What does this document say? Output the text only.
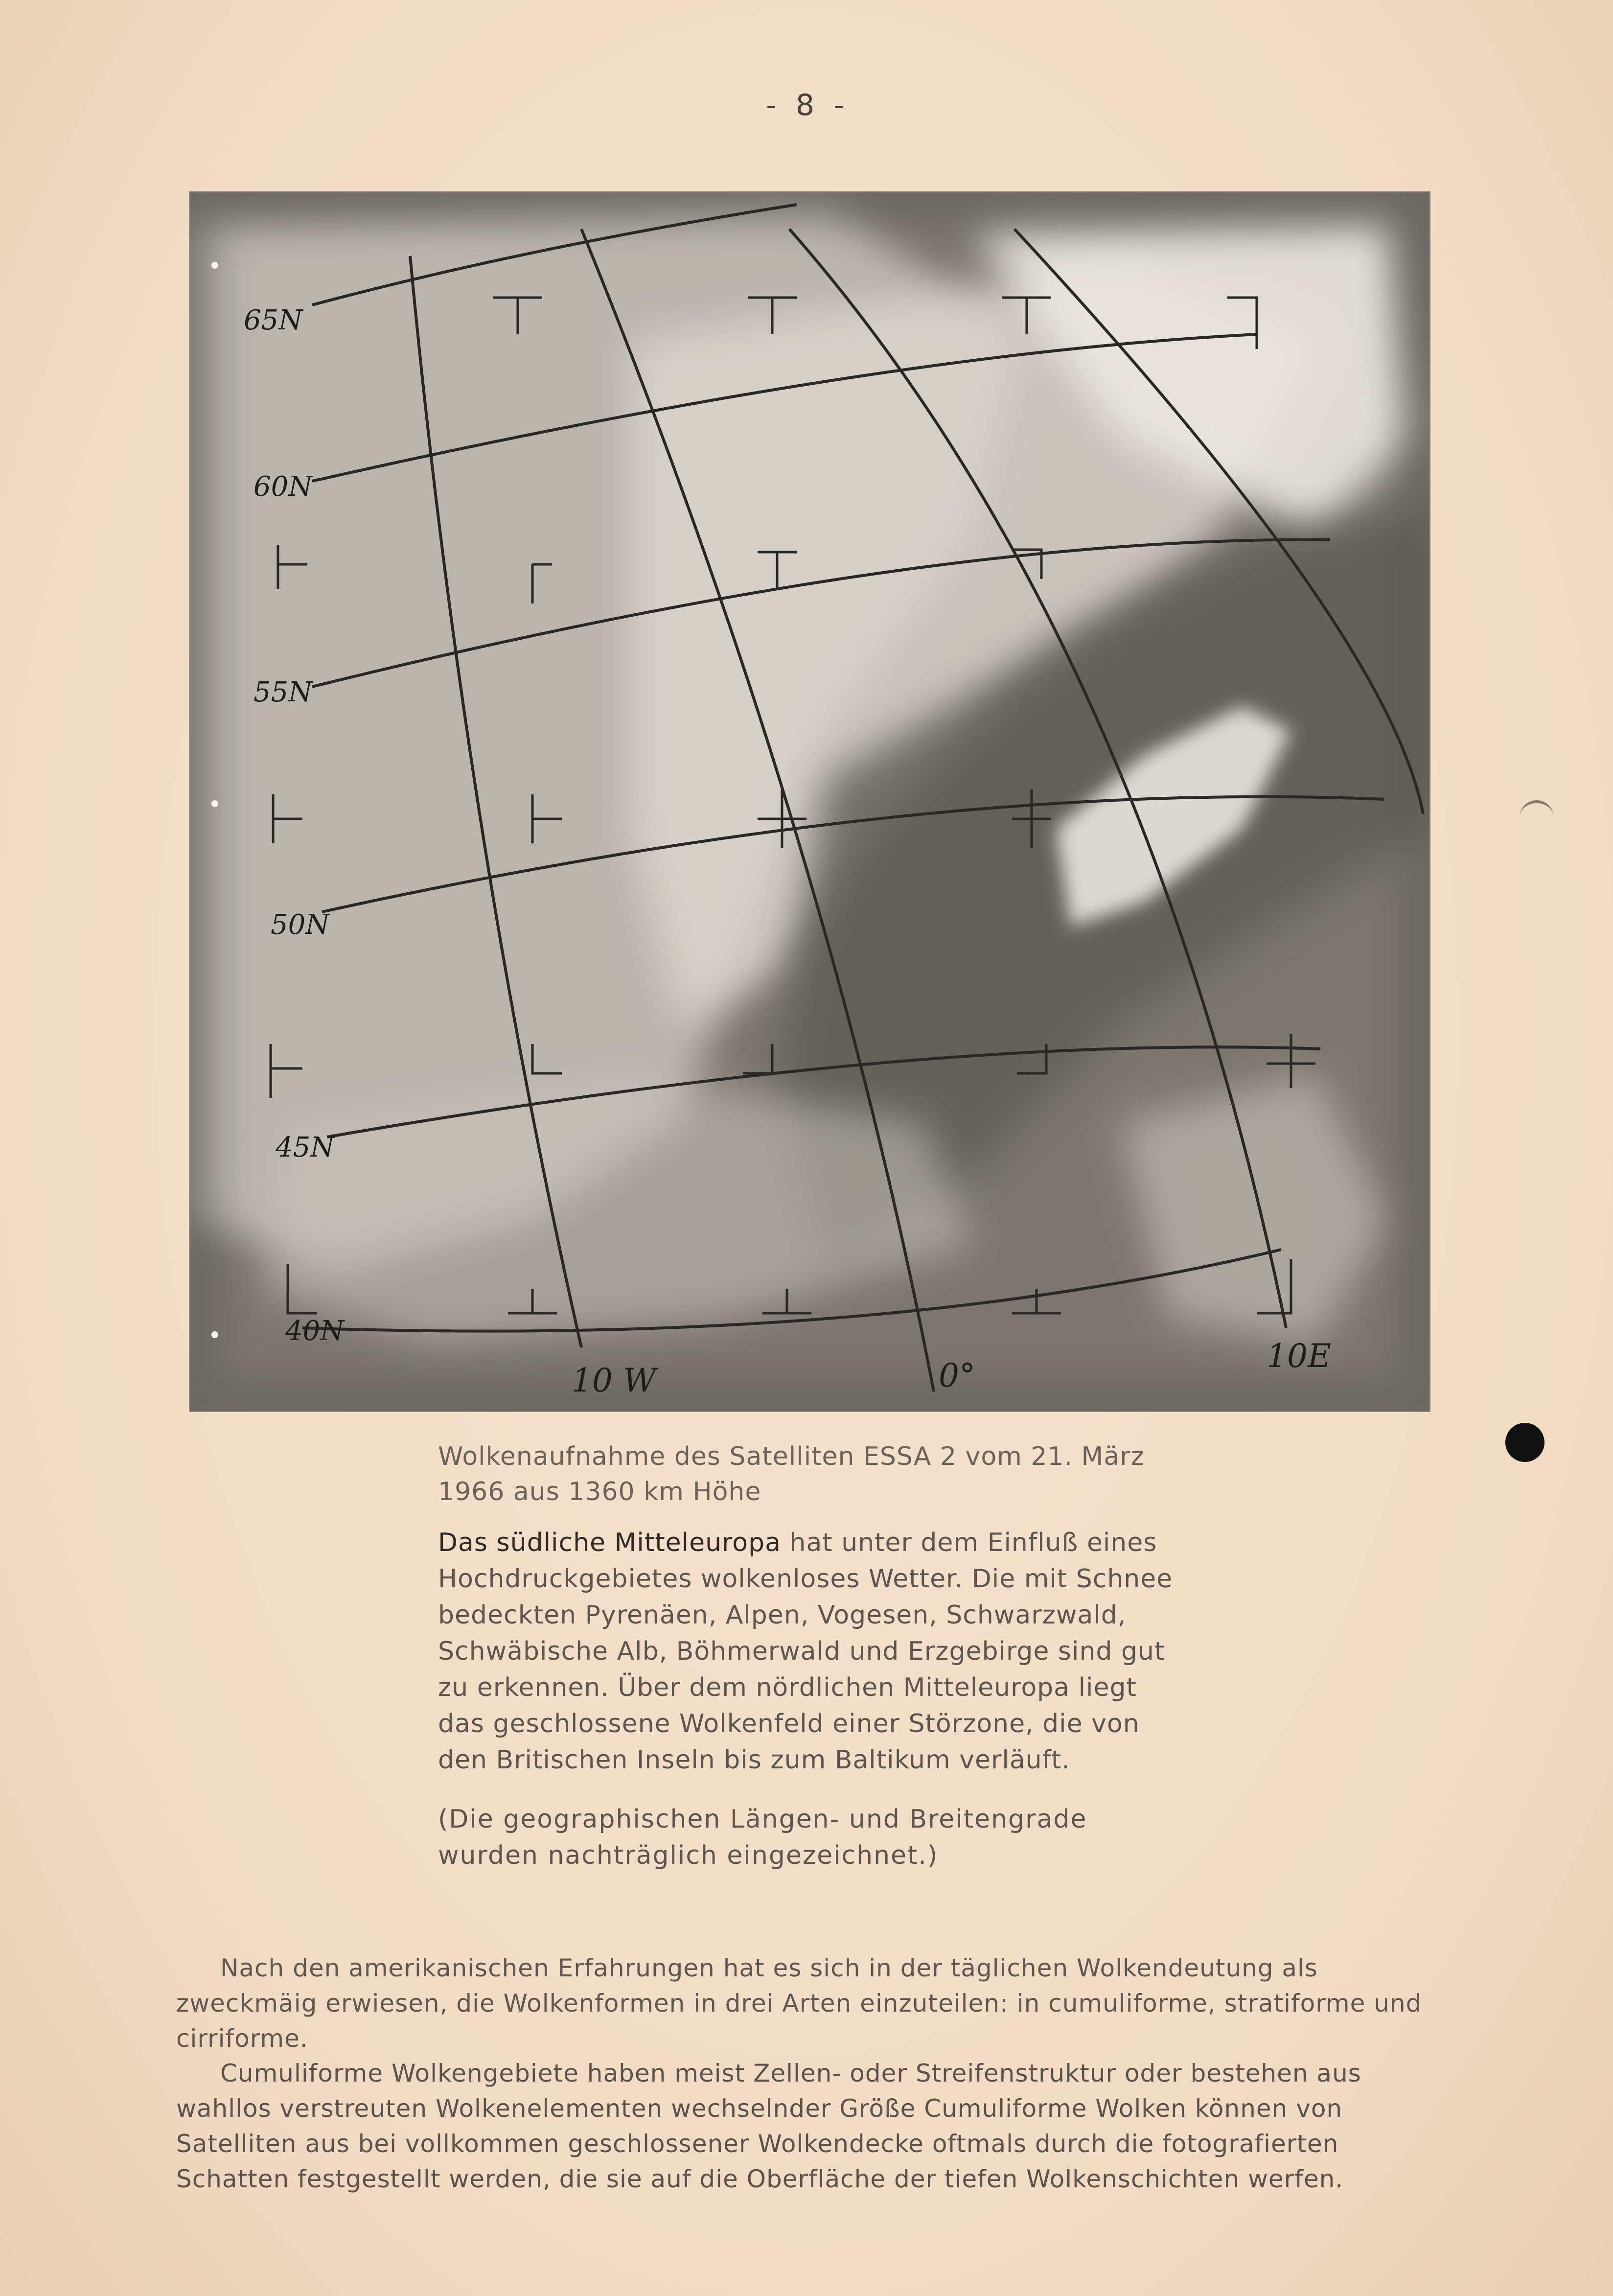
- 8 -
65N
60N
55N
50N
45N
40N
10 W	0°
10E
Wolkenaufnahme des Satelliten ESSA 2 vom 21. März 1966 aus 1360 km Höhe
Das südliche Mitteleuropa hat unter dem Einfluß eines Hochdruckgebietes wolkenloses Wetter. Die mit Schnee bedeckten Pyrenäen, Alpen, Vogesen, Schwarzwald, Schwäbische Alb, Böhmerwald und Erzgebirge sind gut zu erkennen. Über dem nördlichen Mitteleuropa liegt das geschlossene Wolkenfeld einer Störzone, die von den Britischen Inseln bis zum Baltikum verläuft.
(Die geographischen Längen- und Breitengrade wurden nachträglich eingezeichnet.)
Nach den amerikanischen Erfahrungen hat es sich in der täglichen Wolkendeutung als zweckmäig erwiesen, die Wolkenformen in drei Arten einzuteilen: in cumuliforme, stratiforme und cirriforme.
Cumuliforme Wolkengebiete haben meist Zellen- oder Streifenstruktur oder bestehen aus wahllos verstreuten Wolkenelementen wechselnder Größe Cumuliforme Wolken können von Satelliten aus bei vollkommen geschlossener Wolkendecke oftmals durch die fotografierten Schatten festgestellt werden, die sie auf die Oberfläche der tiefen Wolkenschichten werfen.
